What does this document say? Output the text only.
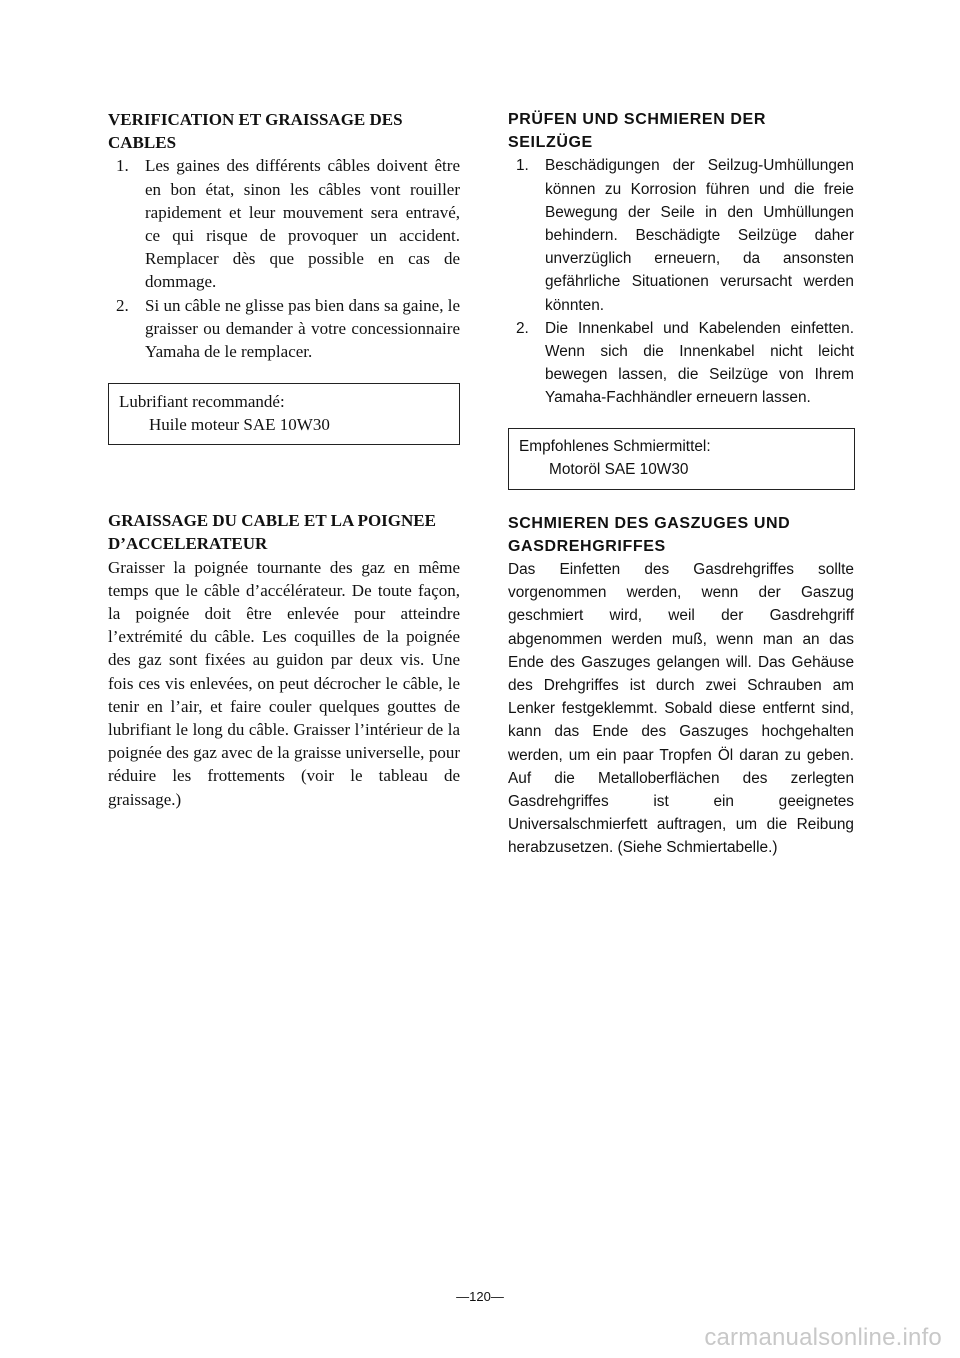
VERIFICATION ET GRAISSAGE DES
CABLES
1. Les gaines des différents câbles doivent être en bon état, sinon les câbles vont rouiller rapidement et leur mouvement sera entravé, ce qui risque de provoquer un accident. Remplacer dès que possible en cas de dommage.
2. Si un câble ne glisse pas bien dans sa gaine, le graisser ou demander à votre concessionnaire Yamaha de le remplacer.
Lubrifiant recommandé:
Huile moteur SAE 10W30
GRAISSAGE DU CABLE ET LA POIGNEE
D’ACCELERATEUR

Graisser la poignée tournante des gaz en même temps que le câble d’accélérateur. De toute façon, la poignée doit être enlevée pour atteindre l’extrémité du câble. Les coquilles de la poignée des gaz sont fixées au guidon par deux vis. Une fois ces vis enlevées, on peut décrocher le câble, le tenir en l’air, et faire couler quelques gouttes de lubrifiant le long du câble. Graisser l’intérieur de la poignée des gaz avec de la graisse universelle, pour réduire les frottements (voir le tableau de graissage.)

PRÜFEN UND SCHMIEREN DER
SEILZÜGE
1. Beschädigungen der Seilzug-Umhüllungen können zu Korrosion führen und die freie Bewegung der Seile in den Umhüllungen behindern. Beschädigte Seilzüge daher unverzüglich erneuern, da ansonsten gefährliche Situationen verursacht werden könnten.
2. Die Innenkabel und Kabelenden einfetten. Wenn sich die Innenkabel nicht leicht bewegen lassen, die Seilzüge von Ihrem Yamaha-Fachhändler erneuern lassen.
Empfohlenes Schmiermittel:
Motoröl SAE 10W30
SCHMIEREN DES GASZUGES UND
GASDREHGRIFFES

Das Einfetten des Gasdrehgriffes sollte vorgenommen werden, wenn der Gaszug geschmiert wird, weil der Gasdrehgriff abgenommen werden muß, wenn man an das Ende des Gaszuges gelangen will. Das Gehäuse des Drehgriffes ist durch zwei Schrauben am Lenker festgeklemmt. Sobald diese entfernt sind, kann das Ende des Gaszuges hochgehalten werden, um ein paar Tropfen Öl daran zu geben. Auf die Metalloberflächen des zerlegten Gasdrehgriffes ist ein geeignetes Universalschmierfett auftragen, um die Reibung herabzusetzen. (Siehe Schmiertabelle.)

—120—
carmanualsonline.info
